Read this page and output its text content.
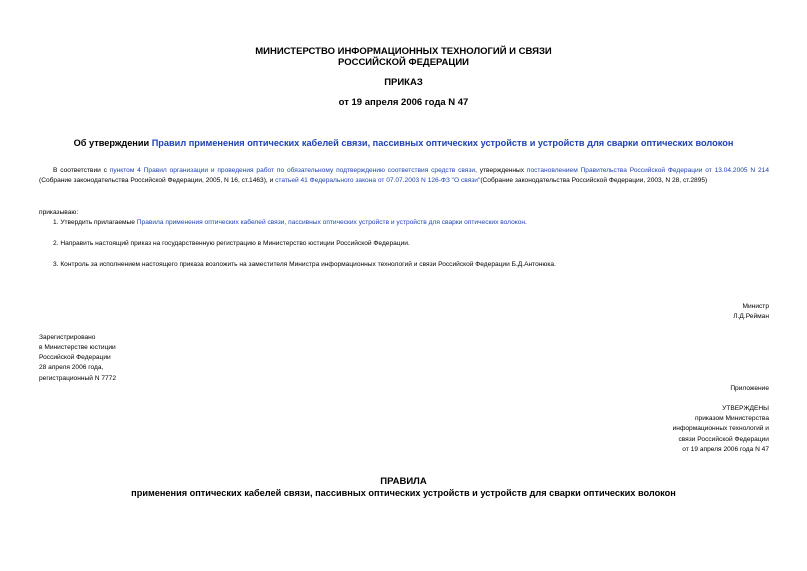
МИНИСТЕРСТВО ИНФОРМАЦИОННЫХ ТЕХНОЛОГИЙ И СВЯЗИ
РОССИЙСКОЙ ФЕДЕРАЦИИ
ПРИКАЗ
от 19 апреля 2006 года N 47
Об утверждении Правил применения оптических кабелей связи, пассивных оптических устройств и устройств для сварки оптических волокон
В соответствии с пунктом 4 Правил организации и проведения работ по обязательному подтверждению соответствия средств связи, утвержденных постановлением Правительства Российской Федерации от 13.04.2005 N 214 (Собрание законодательства Российской Федерации, 2005, N 16, ст.1463), и статьей 41 Федерального закона от 07.07.2003 N 126-ФЗ "О связи"(Собрание законодательства Российской Федерации, 2003, N 28, ст.2895)
приказываю:
1. Утвердить прилагаемые Правила применения оптических кабелей связи, пассивных оптических устройств и устройств для сварки оптических волокон.
2. Направить настоящий приказ на государственную регистрацию в Министерство юстиции Российской Федерации.
3. Контроль за исполнением настоящего приказа возложить на заместителя Министра информационных технологий и связи Российской Федерации Б.Д.Антонюка.
Министр
Л.Д.Рейман
Зарегистрировано
в Министерстве юстиции
Российской Федерации
28 апреля 2006 года,
регистрационный N 7772
Приложение
УТВЕРЖДЕНЫ
приказом Министерства
информационных технологий и
связи Российской Федерации
от 19 апреля 2006 года N 47
ПРАВИЛА
применения оптических кабелей связи, пассивных оптических устройств и устройств для сварки оптических волокон
